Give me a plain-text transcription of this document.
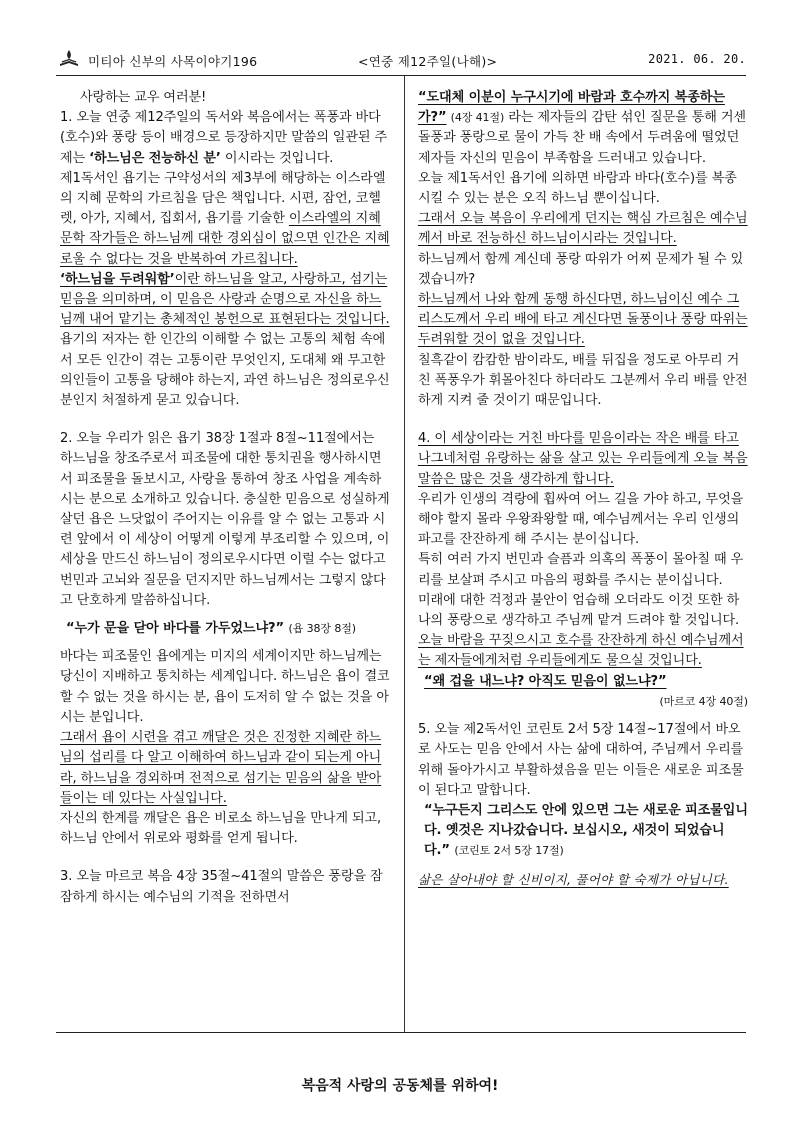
미티아 신부의 사목이야기196	<연중 제12주일(나해)>	2021. 06. 20.

사랑하는 교우 여러분!

1. 오늘 연중 제12주일의 독서와 복음에서는 폭풍과 바다(호수)와 풍랑 등이 배경으로 등장하지만 말씀의 일관된 주제는 ‘하느님은 전능하신 분’ 이시라는 것입니다.

제1독서인 욥기는 구약성서의 제3부에 해당하는 이스라엘의 지혜 문학의 가르침을 담은 책입니다. 시편, 잠언, 코헬렛, 아가, 지혜서, 집회서, 욥기를 기술한 이스라엘의 지혜 문학 작가들은 하느님께 대한 경외심이 없으면 인간은 지혜로울 수 없다는 것을 반복하여 가르칩니다.

‘하느님을 두려워함’이란 하느님을 알고, 사랑하고, 섬기는 믿음을 의미하며, 이 믿음은 사랑과 순명으로 자신을 하느님께 내어 맡기는 총체적인 봉헌으로 표현된다는 것입니다.

욥기의 저자는 한 인간의 이해할 수 없는 고통의 체험 속에서 모든 인간이 겪는 고통이란 무엇인지, 도대체 왜 무고한 의인들이 고통을 당해야 하는지, 과연 하느님은 정의로우신 분인지 처절하게 묻고 있습니다.

2. 오늘 우리가 읽은 욥기 38장 1절과 8절~11절에서는 하느님을 창조주로서 피조물에 대한 통치권을 행사하시면서 피조물을 돌보시고, 사랑을 통하여 창조 사업을 계속하시는 분으로 소개하고 있습니다. 충실한 믿음으로 성실하게 살던 욥은 느닷없이 주어지는 이유를 알 수 없는 고통과 시련 앞에서 이 세상이 어떻게 이렇게 부조리할 수 있으며, 이 세상을 만드신 하느님이 정의로우시다면 이럴 수는 없다고 번민과 고뇌와 질문을 던지지만 하느님께서는 그렇지 않다고 단호하게 말씀하십니다.

“누가 문을 닫아 바다를 가두었느냐?” (욥 38장 8절)

바다는 피조물인 욥에게는 미지의 세계이지만 하느님께는 당신이 지배하고 통치하는 세계입니다. 하느님은 욥이 결코 할 수 없는 것을 하시는 분, 욥이 도저히 알 수 없는 것을 아시는 분입니다.

그래서 욥이 시련을 겪고 깨달은 것은 진정한 지혜란 하느님의 섭리를 다 알고 이해하여 하느님과 같이 되는게 아니라, 하느님을 경외하며 전적으로 섬기는 믿음의 삶을 받아들이는 데 있다는 사실입니다.

자신의 한계를 깨달은 욥은 비로소 하느님을 만나게 되고, 하느님 안에서 위로와 평화를 얻게 됩니다.

3. 오늘 마르코 복음 4장 35절~41절의 말씀은 풍랑을 잠잠하게 하시는 예수님의 기적을 전하면서

“도대체 이분이 누구시기에 바람과 호수까지 복종하는가?” (4장 41절) 라는 제자들의 감탄 섞인 질문을 통해 거센 돌풍과 풍랑으로 물이 가득 찬 배 속에서 두려움에 떨었던 제자들 자신의 믿음이 부족함을 드러내고 있습니다.

오늘 제1독서인 욥기에 의하면 바람과 바다(호수)를 복종시킬 수 있는 분은 오직 하느님 뿐이십니다.

그래서 오늘 복음이 우리에게 던지는 핵심 가르침은 예수님께서 바로 전능하신 하느님이시라는 것입니다.

하느님께서 함께 계신데 풍랑 따위가 어찌 문제가 될 수 있겠습니까?

하느님께서 나와 함께 동행 하신다면, 하느님이신 예수 그리스도께서 우리 배에 타고 계신다면 돌풍이나 풍랑 따위는 두려워할 것이 없을 것입니다.

칠흑같이 캄캄한 밤이라도, 배를 뒤집을 정도로 아무리 거친 폭풍우가 휘몰아친다 하더라도 그분께서 우리 배를 안전하게 지켜 줄 것이기 때문입니다.

4. 이 세상이라는 거친 바다를 믿음이라는 작은 배를 타고 나그네처럼 유랑하는 삶을 살고 있는 우리들에게 오늘 복음 말씀은 많은 것을 생각하게 합니다.

우리가 인생의 격랑에 휩싸여 어느 길을 가야 하고, 무엇을 해야 할지 몰라 우왕좌왕할 때, 예수님께서는 우리 인생의 파고를 잔잔하게 해 주시는 분이십니다.

특히 여러 가지 번민과 슬픔과 의혹의 폭풍이 몰아칠 때 우리를 보살펴 주시고 마음의 평화를 주시는 분이십니다.

미래에 대한 걱정과 불안이 엄습해 오더라도 이것 또한 하나의 풍랑으로 생각하고 주님께 맡겨 드려야 할 것입니다.

오늘 바람을 꾸짖으시고 호수를 잔잔하게 하신 예수님께서는 제자들에게처럼 우리들에게도 물으실 것입니다.

“왜 겁을 내느냐? 아직도 믿음이 없느냐?”

(마르코 4장 40절)

5. 오늘 제2독서인 코린토 2서 5장 14절~17절에서 바오로 사도는 믿음 안에서 사는 삶에 대하여, 주님께서 우리를 위해 돌아가시고 부활하셨음을 믿는 이들은 새로운 피조물이 된다고 말합니다.

“누구든지 그리스도 안에 있으면 그는 새로운 피조물입니다. 옛것은 지나갔습니다. 보십시오, 새것이 되었습니다.” (코린토 2서 5장 17절)

삶은 살아내야 할 신비이지, 풀어야 할 숙제가 아닙니다.

복음적 사랑의 공동체를 위하여!
